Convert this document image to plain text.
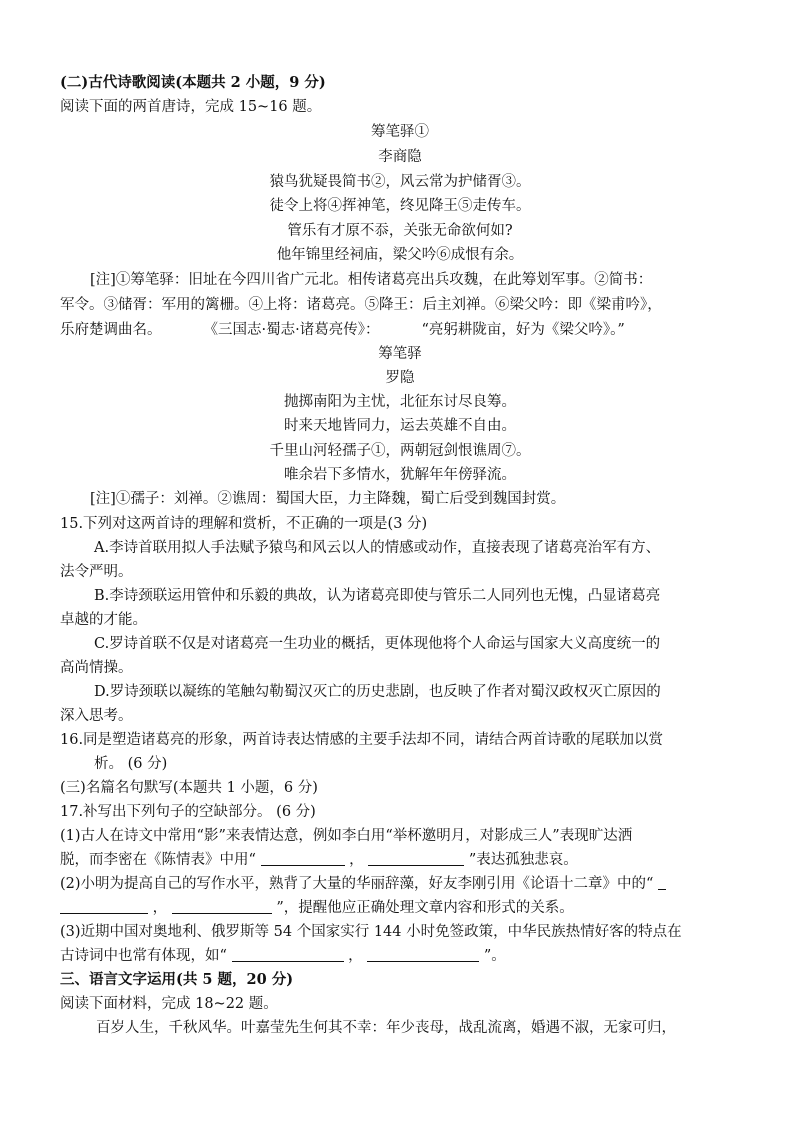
(二)古代诗歌阅读(本题共 2 小题，9 分)
阅读下面的两首唐诗，完成 15~16 题。
筹笔驿①
李商隐
猿鸟犹疑畏简书②，风云常为护储胥③。
徒令上将④挥神笔，终见降王⑤走传车。
管乐有才原不忝，关张无命欲何如?
他年锦里经祠庙，梁父吟⑥成恨有余。
[注]①筹笔驿：旧址在今四川省广元北。相传诸葛亮出兵攻魏，在此筹划军事。②简书：
军令。③储胥：军用的篱栅。④上将：诸葛亮。⑤降王：后主刘禅。⑥梁父吟：即《梁甫吟》，
乐府楚调曲名。	《三国志·蜀志·诸葛亮传》：	“亮躬耕陇亩，好为《梁父吟》。”
筹笔驿
罗隐
抛掷南阳为主忧，北征东讨尽良筹。
时来天地皆同力，运去英雄不自由。
千里山河轻孺子①，两朝冠剑恨谯周⑦。
唯余岩下多情水，犹解年年傍驿流。
[注]①孺子：刘禅。②谯周：蜀国大臣，力主降魏，蜀亡后受到魏国封赏。
15.下列对这两首诗的理解和赏析，不正确的一项是(3 分)
A.李诗首联用拟人手法赋予猿鸟和风云以人的情感或动作，直接表现了诸葛亮治军有方、
法令严明。
B.李诗颈联运用管仲和乐毅的典故，认为诸葛亮即使与管乐二人同列也无愧，凸显诸葛亮
卓越的才能。
C.罗诗首联不仅是对诸葛亮一生功业的概括，更体现他将个人命运与国家大义高度统一的
高尚情操。
D.罗诗颈联以凝练的笔触勾勒蜀汉灭亡的历史悲剧，也反映了作者对蜀汉政权灭亡原因的
深入思考。
16.同是塑造诸葛亮的形象，两首诗表达情感的主要手法却不同，请结合两首诗歌的尾联加以赏
析。 (6 分)
(三)名篇名句默写(本题共 1 小题，6 分)
17.补写出下列句子的空缺部分。 (6 分)
(1)古人在诗文中常用“影”来表情达意，例如李白用“举杯邀明月，对影成三人”表现旷达洒
脱，而李密在《陈情表》中用“	，	”表达孤独悲哀。
(2)小明为提高自己的写作水平，熟背了大量的华丽辞藻，好友李刚引用《论语十二章》中的“
，	”，提醒他应正确处理文章内容和形式的关系。
(3)近期中国对奥地利、俄罗斯等 54 个国家实行 144 小时免签政策，中华民族热情好客的特点在
古诗词中也常有体现，如“	，	”。
三、语言文字运用(共 5 题，20 分)
阅读下面材料，完成 18~22 题。
百岁人生，千秋风华。叶嘉莹先生何其不幸：年少丧母，战乱流离，婚遇不淑，无家可归，
